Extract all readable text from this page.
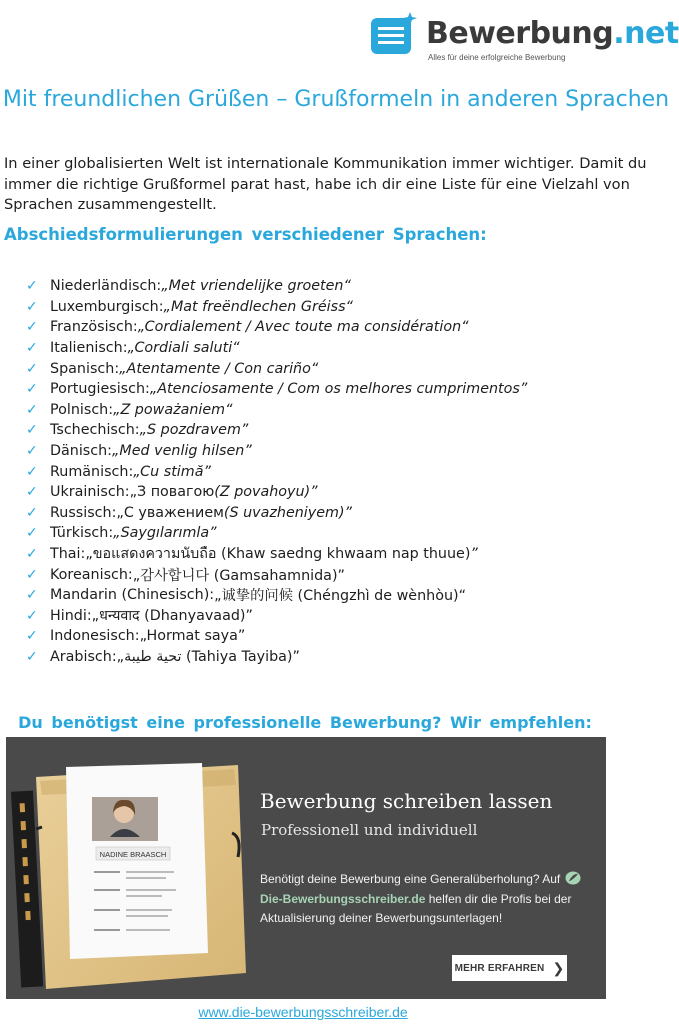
Bewerbung.net
Alles für deine erfolgreiche Bewerbung
Mit freundlichen Grüßen – Grußformeln in anderen Sprachen

In einer globalisierten Welt ist internationale Kommunikation immer wichtiger. Damit du immer die richtige Grußformel parat hast, habe ich dir eine Liste für eine Vielzahl von Sprachen zusammengestellt.

Abschiedsformulierungen verschiedener Sprachen:
✓ Niederländisch: „Met vriendelijke groeten“
✓ Luxemburgisch: „Mat freëndlechen Gréiss“
✓ Französisch: „Cordialement / Avec toute ma considération“
✓ Italienisch: „Cordiali saluti“
✓ Spanisch: „Atentamente / Con cariño“
✓ Portugiesisch: „Atenciosamente / Com os melhores cumprimentos”
✓ Polnisch: „Z poważaniem“
✓ Tschechisch: „S pozdravem”
✓ Dänisch: „Med venlig hilsen”
✓ Rumänisch: „Cu stimă”
✓ Ukrainisch: „З повагою (Z povahoyu)”
✓ Russisch: „С уважением (S uvazheniyem)”
✓ Türkisch: „Saygılarımla”
✓ Thai: „ขอแสดงความนับถือ (Khaw saedng khwaam nap thuue) ”
✓ Koreanisch: „감사합니다 (Gamsahamnida)”
✓ Mandarin (Chinesisch): „诚挚的问候 (Chéngzhì de wènhòu)“
✓ Hindi: „धन्यवाद (Dhanyavaad)”
✓ Indonesisch: „Hormat saya”
✓ Arabisch: „تحية طيبة (Tahiya Tayiba)”
Du benötigst eine professionelle Bewerbung? Wir empfehlen:
NADINE BRAASCH
Bewerbung schreiben lassen
Professionell und individuell
Benötigt deine Bewerbung eine Generalüberholung? Auf Die-Bewerbungsschreiber.de helfen dir die Profis bei der Aktualisierung deiner Bewerbungsunterlagen!
MEHR ERFAHREN ❯
www.die-bewerbungsschreiber.de
